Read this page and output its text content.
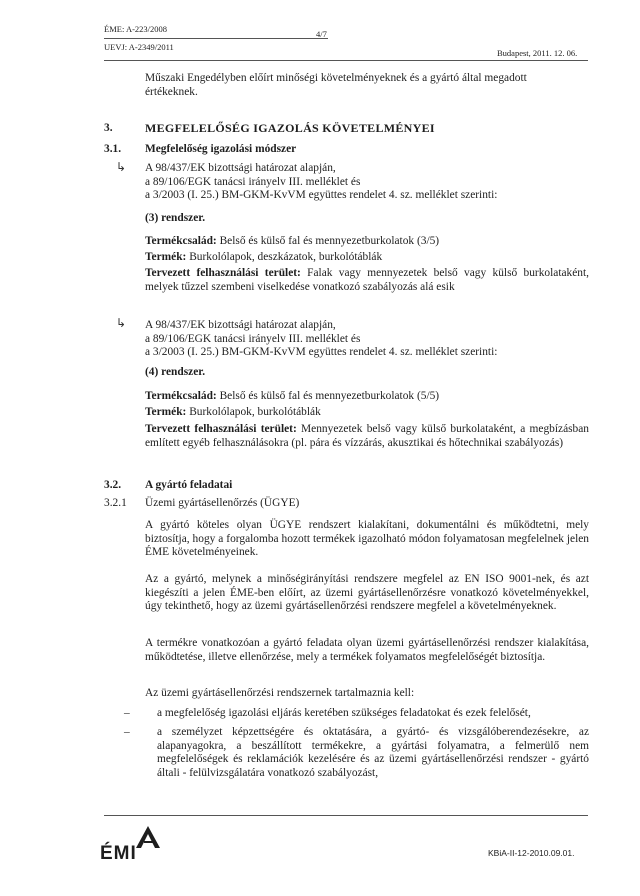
ÉME: A-223/2008	4/7
UEVJ: A-2349/2011
Budapest, 2011. 12. 06.
Műszaki Engedélyben előírt minőségi követelményeknek és a gyártó által megadott
értékeknek.
3.	MEGFELELŐSÉG IGAZOLÁS KÖVETELMÉNYEI
3.1. Megfelelőség igazolási módszer
↳ A 98/437/EK bizottsági határozat alapján,
a 89/106/EGK tanácsi irányelv III. melléklet és
a 3/2003 (I. 25.) BM-GKM-KvVM együttes rendelet 4. sz. melléklet szerinti:
(3) rendszer.
Termékcsalád: Belső és külső fal és mennyezetburkolatok (3/5)
Termék: Burkolólapok, deszkázatok, burkolótáblák
Tervezett felhasználási terület: Falak vagy mennyezetek belső vagy külső burkolataként, melyek tűzzel szembeni viselkedése vonatkozó szabályozás alá esik
↳ A 98/437/EK bizottsági határozat alapján,
a 89/106/EGK tanácsi irányelv III. melléklet és
a 3/2003 (I. 25.) BM-GKM-KvVM együttes rendelet 4. sz. melléklet szerinti:
(4) rendszer.
Termékcsalád: Belső és külső fal és mennyezetburkolatok (5/5)
Termék: Burkolólapok, burkolótáblák
Tervezett felhasználási terület: Mennyezetek belső vagy külső burkolataként, a megbízásban említett egyéb felhasználásokra (pl. pára és vízzárás, akusztikai és hőtechnikai szabályozás)
3.2. A gyártó feladatai
3.2.1 Üzemi gyártásellenőrzés (ÜGYE)
A gyártó köteles olyan ÜGYE rendszert kialakítani, dokumentálni és működtetni, mely biztosítja, hogy a forgalomba hozott termékek igazolható módon folyamatosan megfelelnek jelen ÉME követelményeinek.
Az a gyártó, melynek a minőségirányítási rendszere megfelel az EN ISO 9001-nek, és azt kiegészíti a jelen ÉME-ben előírt, az üzemi gyártásellenőrzésre vonatkozó követelményekkel, úgy tekinthető, hogy az üzemi gyártásellenőrzési rendszere megfelel a követelményeknek.
A termékre vonatkozóan a gyártó feladata olyan üzemi gyártásellenőrzési rendszer kialakítása, működtetése, illetve ellenőrzése, mely a termékek folyamatos megfelelőségét biztosítja.
Az üzemi gyártásellenőrzési rendszernek tartalmaznia kell:
– a megfelelőség igazolási eljárás keretében szükséges feladatokat és ezek felelősét,
– a személyzet képzettségére és oktatására, a gyártó- és vizsgálóberendezésekre, az alapanyagokra, a beszállított termékekre, a gyártási folyamatra, a felmerülő nem megfelelőségek és reklamációk kezelésére és az üzemi gyártásellenőrzési rendszer - gyártó általi - felülvizsgálatára vonatkozó szabályozást,
ÉMI	KBiA-II-12-2010.09.01.
